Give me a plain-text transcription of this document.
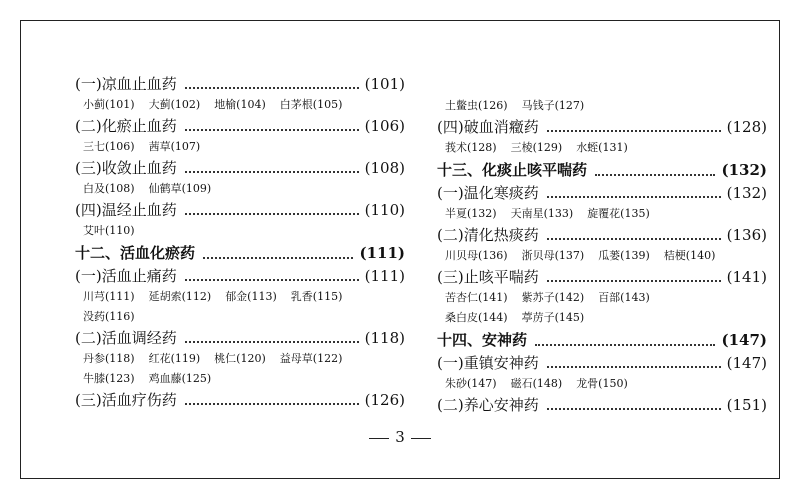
(一)凉血止血药	(101)
小蓟(101) 大蓟(102) 地榆(104) 白茅根(105)
(二)化瘀止血药	(106)
三七(106) 茜草(107)
(三)收敛止血药	(108)
白及(108) 仙鹤草(109)
(四)温经止血药	(110)
艾叶(110)
十二、活血化瘀药	(111)
(一)活血止痛药	(111)
川芎(111) 延胡索(112) 郁金(113) 乳香(115)
没药(116)
(二)活血调经药	(118)
丹参(118) 红花(119) 桃仁(120) 益母草(122)
牛膝(123) 鸡血藤(125)
(三)活血疗伤药	(126)
土鳖虫(126) 马钱子(127)
(四)破血消癥药	(128)
莪术(128) 三棱(129) 水蛭(131)
十三、化痰止咳平喘药	(132)
(一)温化寒痰药	(132)
半夏(132) 天南星(133) 旋覆花(135)
(二)清化热痰药	(136)
川贝母(136) 浙贝母(137) 瓜蒌(139) 桔梗(140)
(三)止咳平喘药	(141)
苦杏仁(141) 紫苏子(142) 百部(143)
桑白皮(144) 葶苈子(145)
十四、安神药	(147)
(一)重镇安神药	(147)
朱砂(147) 磁石(148) 龙骨(150)
(二)养心安神药	(151)
3
